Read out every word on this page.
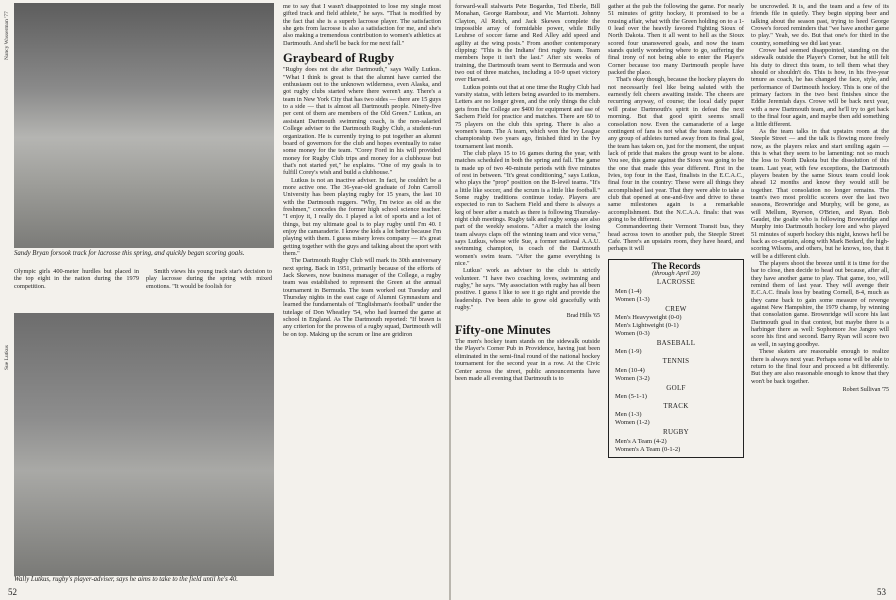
Nancy Wasserman '77
Sandy Bryan forsook track for lacrosse this spring, and quickly began scoring goals.

Olympic girls 400-meter hurdles but placed in the top eight in the nation during the 1979 competition.

Smith views his young track star's decision to play lacrosse during the spring with mixed emotions. "It would be foolish for

Sue Lutkus
Wally Lutkus, rugby's player-adviser, says he aims to take to the field until he's 40.

me to say that I wasn't disappointed to lose my single most gifted track and field athlete," he says. "That is modified by the fact that she is a superb lacrosse player. The satisfaction she gets from lacrosse is also a satisfaction for me, and she's also making a tremendous contribution to women's athletics at Dartmouth. And she'll be back for me next fall."

Graybeard of Rugby

"Rugby does not die after Dartmouth," says Wally Lutkus. "What I think is great is that the alumni have carried the enthusiasm out to the unknown wilderness, even Alaska, and got rugby clubs started where there weren't any. There's a team in New York City that has two sides — there are 15 guys to a side — that is almost all Dartmouth people. Ninety-five per cent of them are members of the Old Green." Lutkus, an assistant Dartmouth swimming coach, is the non-salaried College adviser to the Dartmouth Rugby Club, a student-run organization. He is currently trying to put together an alumni board of governors for the club and hopes eventually to raise some money for the team. "Corey Ford in his will provided money for Rugby Club trips and money for a clubhouse but that's not started yet," he explains. "One of my goals is to fulfill Corey's wish and build a clubhouse."

Lutkus is not an inactive adviser. In fact, he couldn't be a more active one. The 36-year-old graduate of John Carroll University has been playing rugby for 15 years, the last 10 with the Dartmouth ruggers. "Why, I'm twice as old as the freshmen," concedes the former high school science teacher. "I enjoy it, I really do. I played a lot of sports and a lot of things, but my ultimate goal is to play rugby until I'm 40. I enjoy the camaraderie. I know the kids a lot better because I'm playing with them. I guess misery loves company — it's great getting together with the guys and talking about the sport with them."

The Dartmouth Rugby Club will mark its 30th anniversary next spring. Back in 1951, primarily because of the efforts of Jack Skewes, now business manager of the College, a rugby team was established to represent the Green at the annual tournament in Bermuda. The team worked out Tuesday and Thursday nights in the east cage of Alumni Gymnasium and learned the fundamentals of "Englishman's football" under the tutelage of Don Wheatley '54, who had learned the game at school in England. As The Dartmouth reported: "If brawn is any criterion for the prowess of a rugby squad, Dartmouth will be on top. Making up the scrum or line are gridiron

52

forward-wall stalwarts Pete Bogardus, Ted Eberle, Bill Monahan, George Rambour, and Vic Marriott. Johnny Clayton, Al Reich, and Jack Skewes complete the impossible array of formidable power, while Billy Leuhrse of soccer fame and Red Alley add speed and agility at the wing posts." From another contemporary clipping: "This is the Indians' first rugby team. Team members hope it isn't the last." After six weeks of training, the Dartmouth team went to Bermuda and won two out of three matches, including a 10-9 upset victory over Harvard.

Lutkus points out that at one time the Rugby Club had varsity status, with letters being awarded to its members. Letters are no longer given, and the only things the club gets from the College are $400 for equipment and use of Sachem Field for practice and matches. There are 60 to 75 players on the club this spring. There is also a women's team. The A team, which won the Ivy League championship two years ago, finished third in the Ivy tournament last month.

The club plays 15 to 16 games during the year, with matches scheduled in both the spring and fall. The game is made up of two 40-minute periods with five minutes of rest in between. "It's great conditioning," says Lutkus, who plays the "prop" position on the B-level teams. "It's a little like soccer, and the scrum is a little like football." Some rugby traditions continue today. Players are expected to run to Sachem Field and there is always a keg of beer after a match as there is following Thursday-night club meetings. Rugby talk and rugby songs are also part of the weekly sessions. "After a match the losing team always claps off the winning team and vice versa," says Lutkus, whose wife Sue, a former national A.A.U. swimming champion, is coach of the Dartmouth women's swim team. "After the game everything is nice."

Lutkus' work as adviser to the club is strictly volunteer. "I have two coaching loves, swimming and rugby," he says. "My association with rugby has all been positive. I guess I like to see it go right and provide the leadership. I've been able to grow old gracefully with rugby."

Brad Hills '65
Fifty-one Minutes

The men's hockey team stands on the sidewalk outside the Player's Corner Pub in Providence, having just been eliminated in the semi-final round of the national hockey tournament for the second year in a row. At the Civic Center across the street, public announcements have been made all evening that Dartmouth is to

gather at the pub the following the game. For nearly 51 minutes of gritty hockey, it promised to be a rousing affair, what with the Green holding on to a 1-0 lead over the heavily favored Fighting Sioux of North Dakota. Then it all went to hell as the Sioux scored four unanswered goals, and now the team stands quietly wondering where to go, suffering the final irony of not being able to enter the Player's Corner because too many Dartmouth people have packed the place.

That's okay though, because the hockey players do not necessarily feel like being saluted with the earnestly felt cheers awaiting inside. The cheers are recurring anyway, of course; the local daily paper will praise Dartmouth's spirit in defeat the next morning. But that good spirit seems small consolation now. Even the camaraderie of a large contingent of fans is not what the team needs. Like any group of athletes turned away from its final goal, the team has taken on, just for the moment, the unjust lack of pride that makes the group want to be alone. You see, this game against the Sioux was going to be the one that made this year different. First in the Ivies, top four in the East, finalists in the E.C.A.C., final four in the country: These were all things they accomplished last year. That they were able to take a club that opened at one-and-five and drive to these same milestones again is a remarkable accomplishment. But the N.C.A.A. finals: that was going to be different.

Commandeering their Vermont Transit bus, they head across town to another pub, the Steeple Street Cafe. There's an upstairs room, they have heard, and perhaps it will

The Records
(through April 20)
LACROSSE
Men (1-4)
Women (1-3)
CREW
Men's Heavyweight (0-0)
Men's Lightweight (0-1)
Women (0-3)
BASEBALL
Men (1-9)
TENNIS
Men (10-4)
Women (3-2)
GOLF
Men (5-1-1)
TRACK
Men (1-3)
Women (1-2)
RUGBY
Men's A Team (4-2)
Women's A Team (0-1-2)

be uncrowded. It is, and the team and a few of its friends file in quietly. They begin sipping beer and talking about the season past, trying to heed George Crowe's forced reminders that "we have another game to play." Yeah, we do. But that one's for third in the country, something we did last year.

Crowe had seemed disappointed, standing on the sidewalk outside the Player's Corner, but he still felt his duty to direct this team, to tell them what they should or shouldn't do. This is how, in his five-year tenure as coach, he has changed the face, style, and performance of Dartmouth hockey. This is one of the primary factors in the two best finishes since the Eddie Jeremiah days. Crowe will be back next year, with a new Dartmouth team, and he'll try to get back to the final four again, and maybe then add something a little different.

As the team talks in that upstairs room at the Steeple Street — and the talk is flowing more freely now, as the players relax and start smiling again — this is what they seem to be lamenting: not so much the loss to North Dakota but the dissolution of this team. Last year, with few exceptions, the Dartmouth players beaten by the same Sioux team could look ahead 12 months and know they would still be together. That consolation no longer remains. The team's two most prolific scorers over the last two seasons, Brownridge and Murphy, will be gone, as will Mellum, Ryerson, O'Brien, and Ryan. Bob Gaudet, the goalie who is following Brownridge and Murphy into Dartmouth hockey lore and who played 51 minutes of superb hockey this night, knows he'll be back as co-captain, along with Mark Bedard, the high-scoring Wilsons, and others, but he knows, too, that it will be a different club.

The players shoot the breeze until it is time for the bar to close, then decide to head out because, after all, they have another game to play. That game, too, will remind them of last year. They will avenge their E.C.A.C. finals loss by beating Cornell, 8-4, much as they came back to gain some measure of revenge against New Hampshire, the 1979 champ, by winning that consolation game. Brownridge will score his last Dartmouth goal in that contest, but maybe there is a harbinger there as well: Sophomore Joe Jangro will score his first and second. Barry Ryan will score two as well, in saying goodbye.

These skaters are reasonable enough to realize there is always next year. Perhaps some will be able to return to the final four and proceed a bit differently. But they are also reasonable enough to know that they won't be back together.

Robert Sullivan '75
53
